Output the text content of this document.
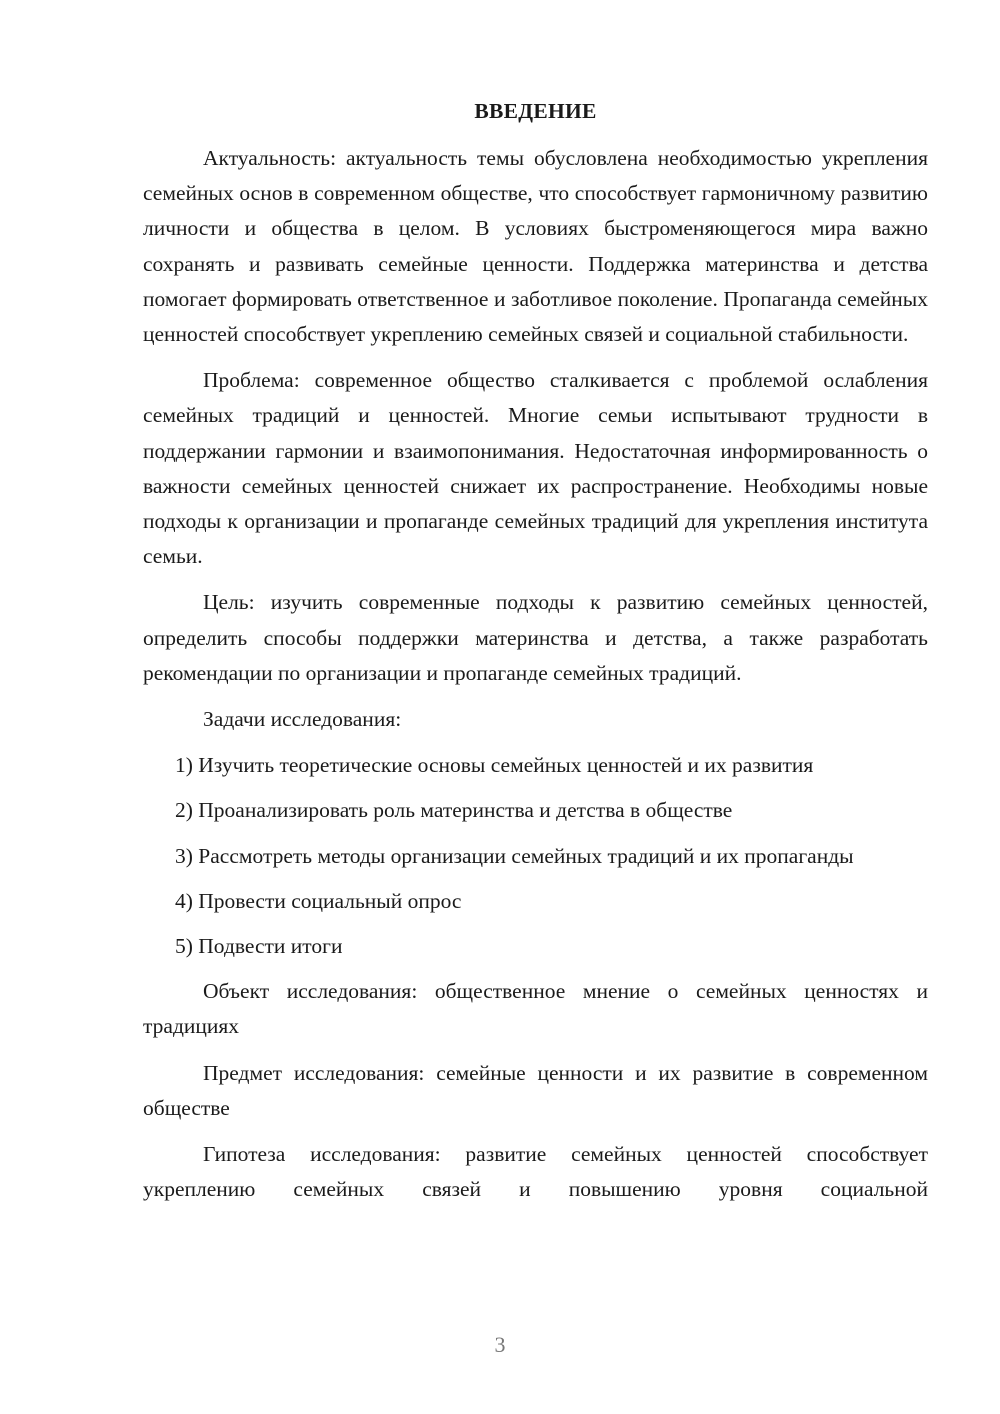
ВВЕДЕНИЕ

Актуальность: актуальность темы обусловлена необходимостью укрепления семейных основ в современном обществе, что способствует гармоничному развитию личности и общества в целом. В условиях быстроменяющегося мира важно сохранять и развивать семейные ценности. Поддержка материнства и детства помогает формировать ответственное и заботливое поколение. Пропаганда семейных ценностей способствует укреплению семейных связей и социальной стабильности.

Проблема: современное общество сталкивается с проблемой ослабления семейных традиций и ценностей. Многие семьи испытывают трудности в поддержании гармонии и взаимопонимания. Недостаточная информированность о важности семейных ценностей снижает их распространение. Необходимы новые подходы к организации и пропаганде семейных традиций для укрепления института семьи.

Цель: изучить современные подходы к развитию семейных ценностей, определить способы поддержки материнства и детства, а также разработать рекомендации по организации и пропаганде семейных традиций.

Задачи исследования:

1) Изучить теоретические основы семейных ценностей и их развития

2) Проанализировать роль материнства и детства в обществе

3) Рассмотреть методы организации семейных традиций и их пропаганды

4) Провести социальный опрос

5) Подвести итоги

Объект исследования: общественное мнение о семейных ценностях и традициях

Предмет исследования: семейные ценности и их развитие в современном обществе

Гипотеза исследования: развитие семейных ценностей способствует укреплению семейных связей и повышению уровня социальной

3
